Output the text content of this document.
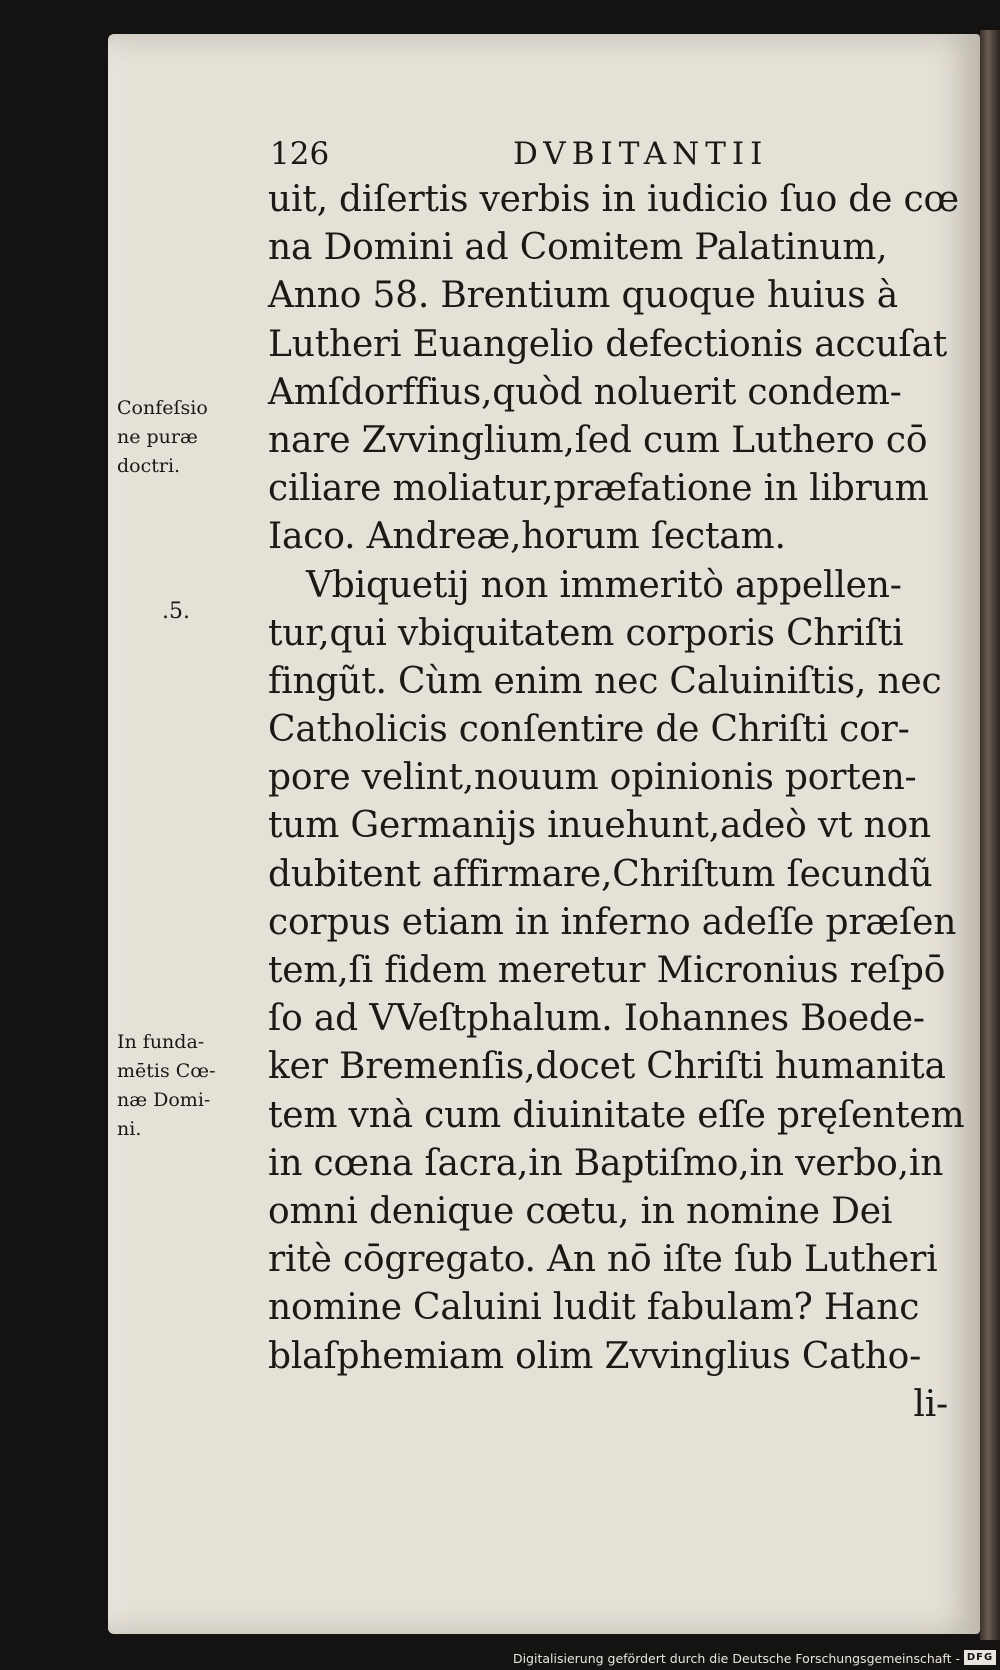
126	DVBITANTII
uit, diſertis verbis in iudicio ſuo de cœ
na Domini ad Comitem Palatinum,
Anno 58. Brentium quoque huius à
Lutheri Euangelio defectionis accuſat
Amſdorffius,quòd noluerit condem-
nare Zvvinglium,ſed cum Luthero cō
ciliare moliatur,præfatione in librum
Iaco. Andreæ,horum ſectam.
Vbiquetij non immeritò appellen-
tur,qui vbiquitatem corporis Chriſti
fingũt. Cùm enim nec Caluiniſtis, nec
Catholicis conſentire de Chriſti cor-
pore velint,nouum opinionis porten-
tum Germanijs inuehunt,adeò vt non
dubitent affirmare,Chriſtum ſecundũ
corpus etiam in inferno adeſſe præſen
tem,ſi fidem meretur Micronius reſpō
ſo ad VVeſtphalum. Iohannes Boede-
ker Bremenſis,docet Chriſti humanita
tem vnà cum diuinitate eſſe pręſentem
in cœna ſacra,in Baptiſmo,in verbo,in
omni denique cœtu, in nomine Dei
ritè cōgregato. An nō iſte ſub Lutheri
nomine Caluini ludit fabulam? Hanc
blaſphemiam olim Zvvinglius Catho-
li-
Confeſsio
ne puræ
doctri.
.5.
In funda-
mētis Cœ-
næ Domi-
ni.
Digitalisierung gefördert durch die Deutsche Forschungsgemeinschaft - DFG
